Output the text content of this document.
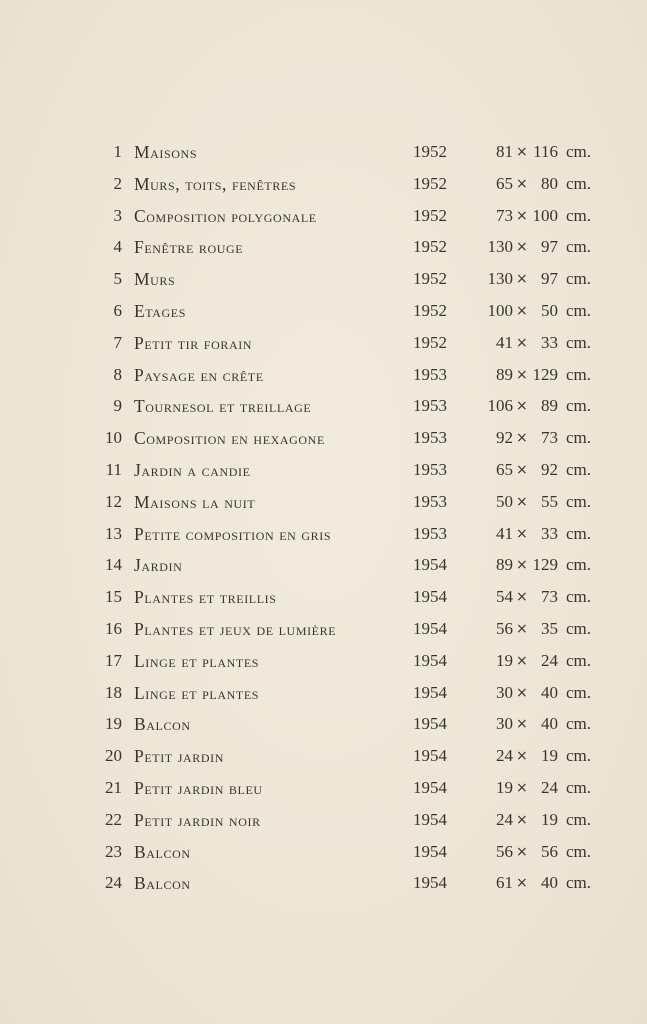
1 Maisons	1952	81 × 116 cm.
2 Murs, toits, fenêtres	1952	65 × 80 cm.
3 Composition polygonale	1952	73 × 100 cm.
4 Fenêtre rouge	1952 130 × 97 cm.
5 Murs	1952 130 × 97 cm.
6 Etages	1952 100 × 50 cm.
7 Petit tir forain	1952	41 × 33 cm.
8 Paysage en crête	1953	89 × 129 cm.
9 Tournesol et treillage	1953 106 × 89 cm.
10 Composition en hexagone	1953	92 × 73 cm.
11 Jardin a candie	1953	65 × 92 cm.
12 Maisons la nuit	1953	50 × 55 cm.
13 Petite composition en gris	1953	41 × 33 cm.
14 Jardin	1954	89 × 129 cm.
15 Plantes et treillis	1954	54 × 73 cm.
16 Plantes et jeux de lumière	1954	56 × 35 cm.
17 Linge et plantes	1954	19 × 24 cm.
18 Linge et plantes	1954	30 × 40 cm.
19 Balcon	1954	30 × 40 cm.
20 Petit jardin	1954	24 × 19 cm.
21 Petit jardin bleu	1954	19 × 24 cm.
22 Petit jardin noir	1954	24 × 19 cm.
23 Balcon	1954	56 × 56 cm.
24 Balcon	1954	61 × 40 cm.
